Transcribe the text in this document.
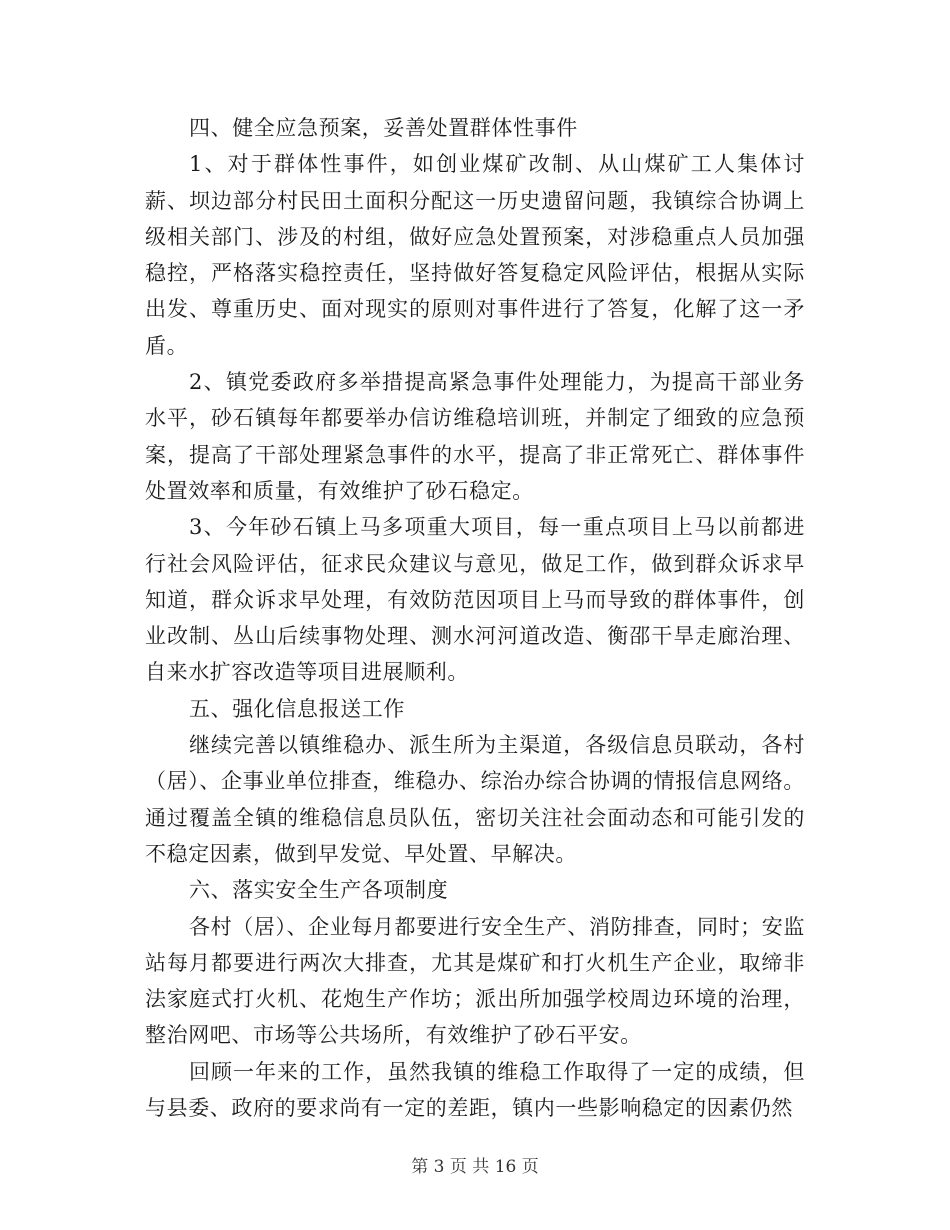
四、健全应急预案，妥善处置群体性事件

1、对于群体性事件，如创业煤矿改制、从山煤矿工人集体讨薪、坝边部分村民田土面积分配这一历史遗留问题，我镇综合协调上级相关部门、涉及的村组，做好应急处置预案，对涉稳重点人员加强稳控，严格落实稳控责任，坚持做好答复稳定风险评估，根据从实际出发、尊重历史、面对现实的原则对事件进行了答复，化解了这一矛盾。

2、镇党委政府多举措提高紧急事件处理能力，为提高干部业务水平，砂石镇每年都要举办信访维稳培训班，并制定了细致的应急预案，提高了干部处理紧急事件的水平，提高了非正常死亡、群体事件处置效率和质量，有效维护了砂石稳定。

3、今年砂石镇上马多项重大项目，每一重点项目上马以前都进行社会风险评估，征求民众建议与意见，做足工作，做到群众诉求早知道，群众诉求早处理，有效防范因项目上马而导致的群体事件，创业改制、丛山后续事物处理、测水河河道改造、衡邵干旱走廊治理、自来水扩容改造等项目进展顺利。

五、强化信息报送工作

继续完善以镇维稳办、派生所为主渠道，各级信息员联动，各村（居）、企事业单位排查，维稳办、综治办综合协调的情报信息网络。通过覆盖全镇的维稳信息员队伍，密切关注社会面动态和可能引发的不稳定因素，做到早发觉、早处置、早解决。

六、落实安全生产各项制度

各村（居）、企业每月都要进行安全生产、消防排查，同时；安监站每月都要进行两次大排查，尤其是煤矿和打火机生产企业，取缔非法家庭式打火机、花炮生产作坊；派出所加强学校周边环境的治理，整治网吧、市场等公共场所，有效维护了砂石平安。

回顾一年来的工作，虽然我镇的维稳工作取得了一定的成绩，但与县委、政府的要求尚有一定的差距，镇内一些影响稳定的因素仍然

第 3 页 共 16 页
